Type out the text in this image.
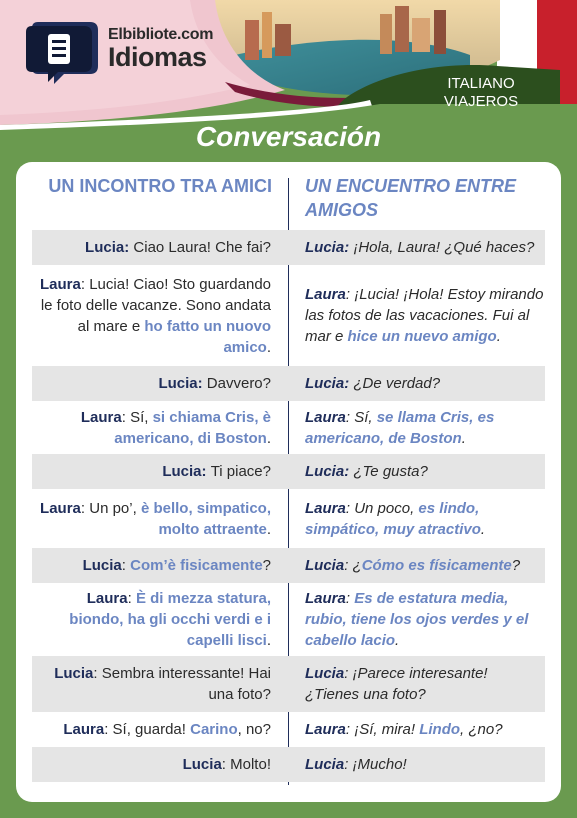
Elbibliote.com
Idiomas
ITALIANO
VIAJEROS
Conversación
UN INCONTRO TRA AMICI UN ENCUENTRO ENTRE AMIGOS
Lucia: Ciao Laura! Che fai? Lucia: ¡Hola, Laura! ¿Qué haces?
Laura: Lucia! Ciao! Sto guardando le foto delle vacanze. Sono andata al mare e ho fatto un nuovo amico.
Laura: ¡Lucia! ¡Hola! Estoy mirando las fotos de las vacaciones. Fui al mar e hice un nuevo amigo.
Lucia: Davvero? Lucia: ¿De verdad?
Laura: Sí, si chiama Cris, è americano, di Boston.
Laura: Sí, se llama Cris, es americano, de Boston.
Lucia: Ti piace? Lucia: ¿Te gusta?
Laura: Un po’, è bello, simpatico, molto attraente.
Laura: Un poco, es lindo, simpático, muy atractivo.
Lucia: Com’è fisicamente? Lucia: ¿Cómo es físicamente?
Laura: È di mezza statura, biondo, ha gli occhi verdi e i capelli lisci.
Laura: Es de estatura media, rubio, tiene los ojos verdes y el cabello lacio.
Lucia: Sembra interessante! Hai una foto?
Lucia: ¡Parece interesante! ¿Tienes una foto?
Laura: Sí, guarda! Carino, no? Laura: ¡Sí, mira! Lindo, ¿no?
Lucia: Molto! Lucia: ¡Mucho!
